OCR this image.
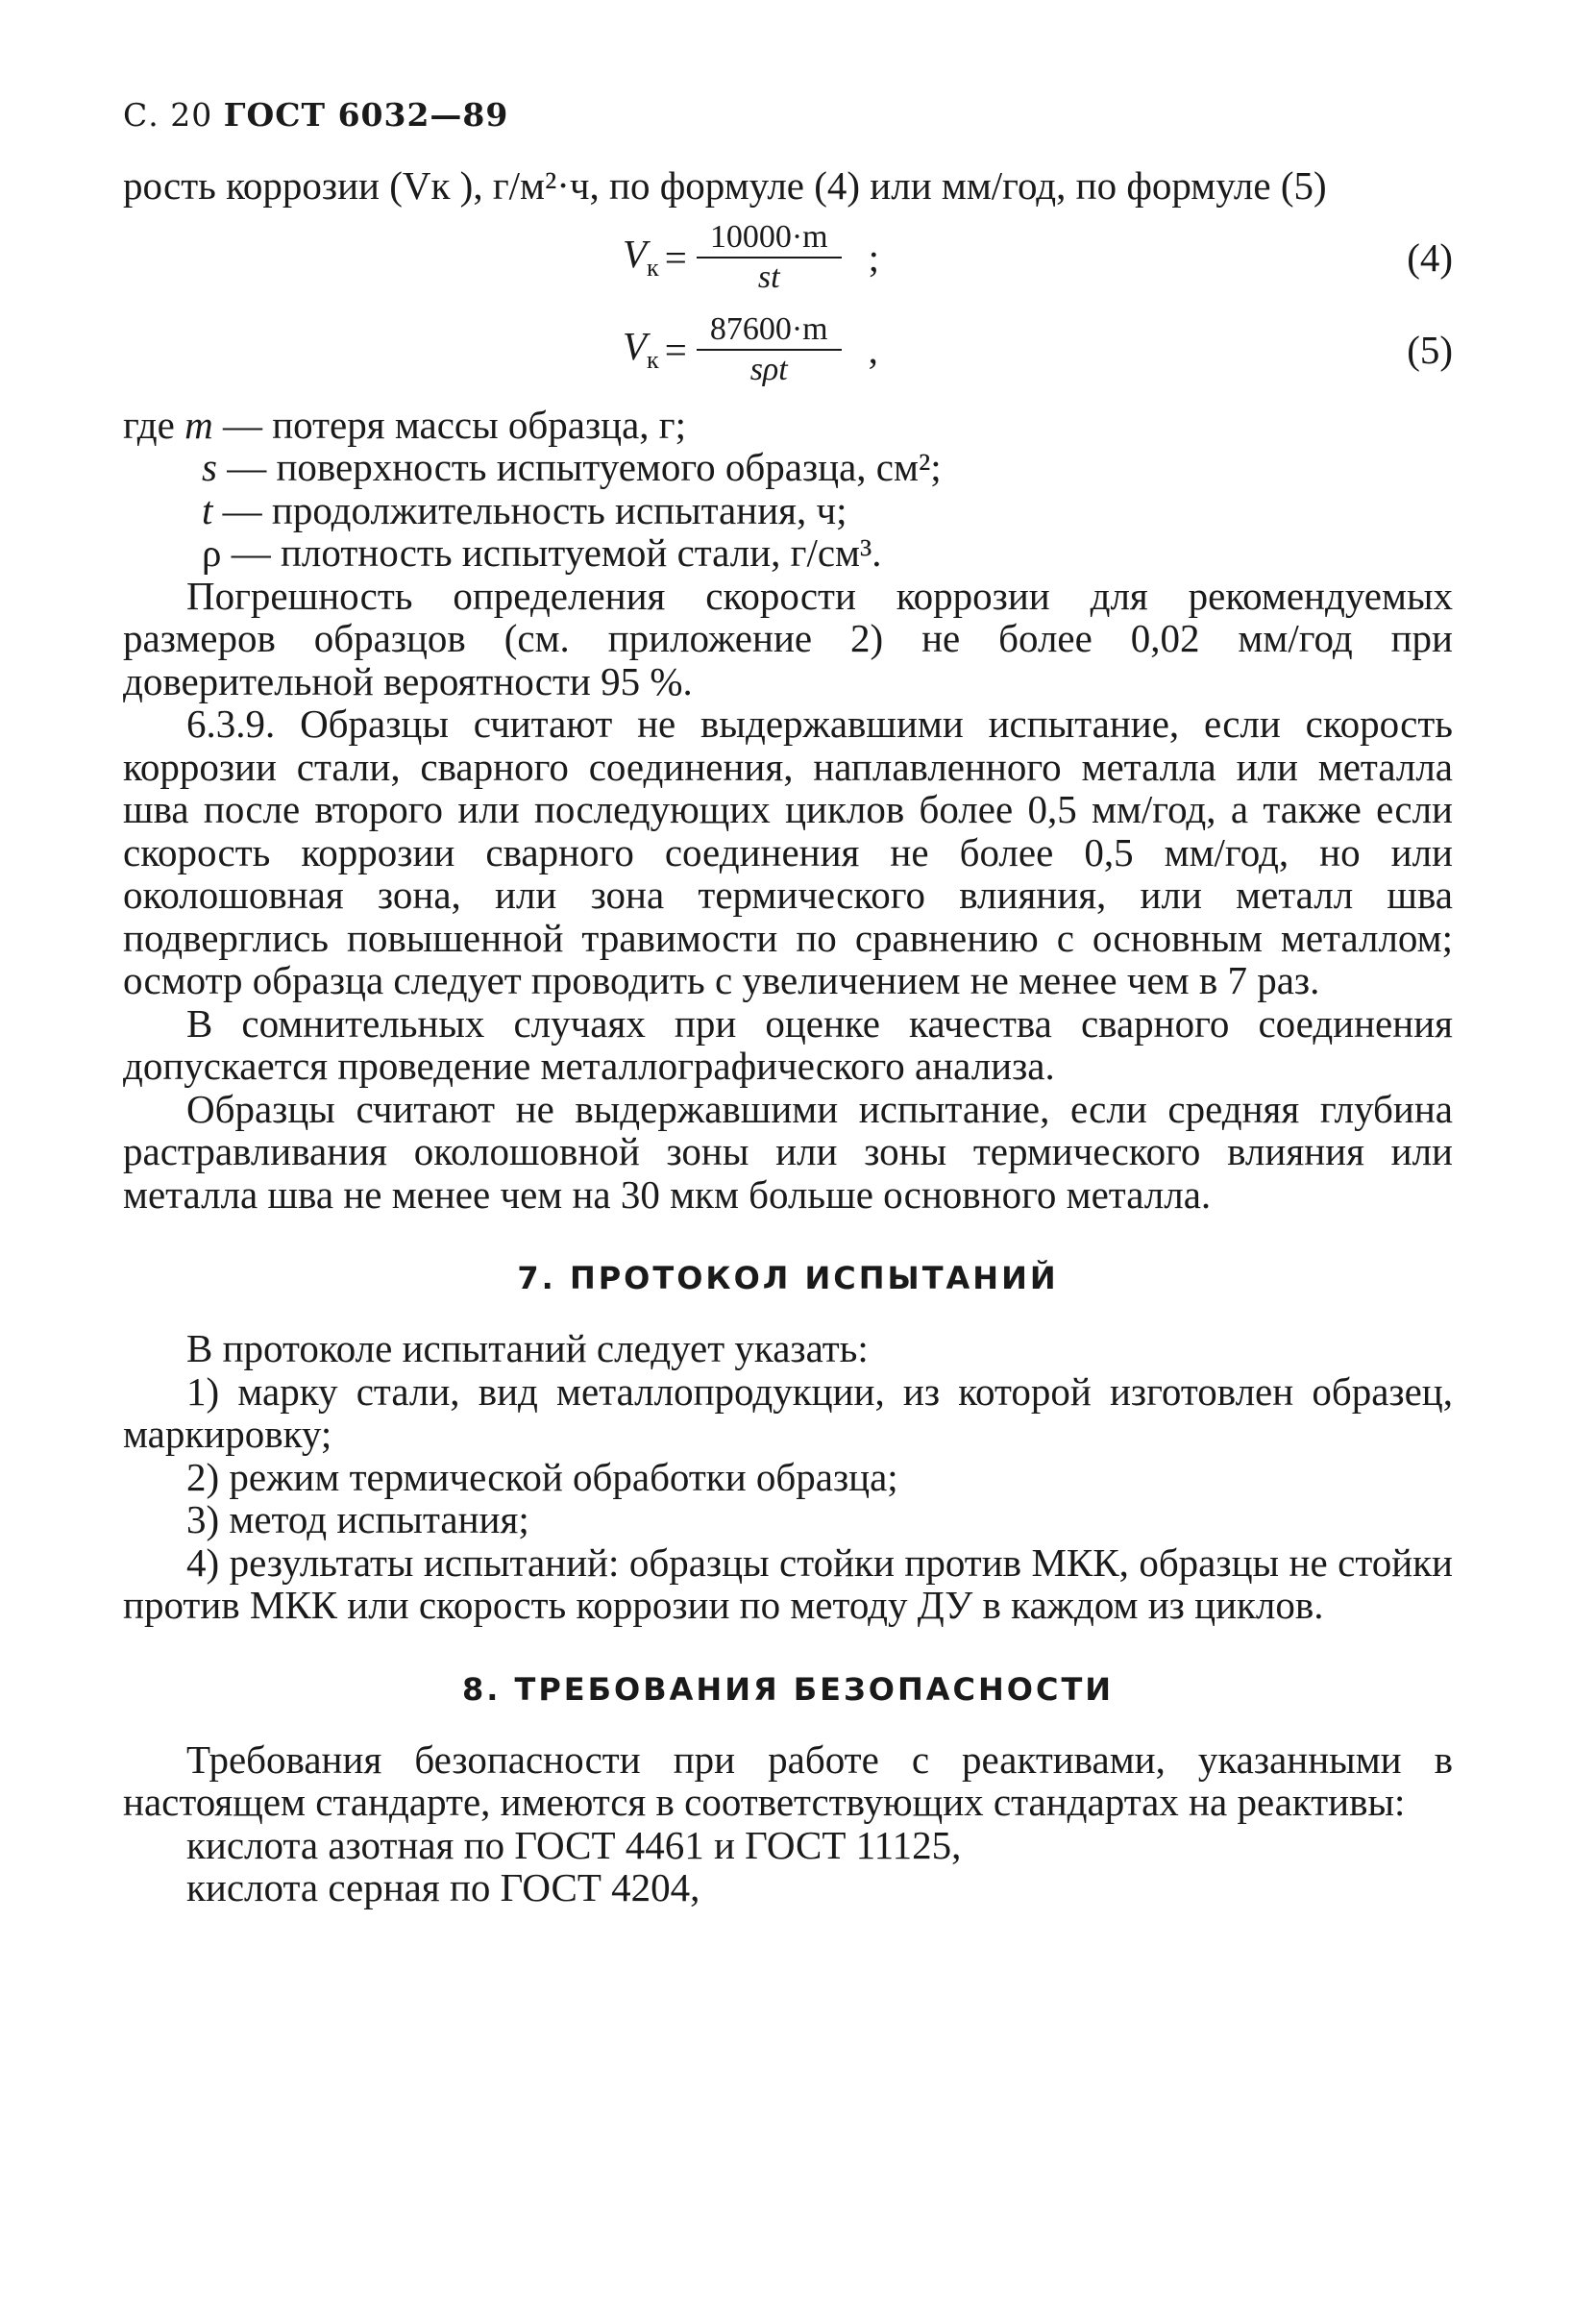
С. 20 ГОСТ 6032—89

рость коррозии (Vк ), г/м²·ч, по формуле (4) или мм/год, по формуле (5)

$V_к = \frac{10000\cdot m}{st}$ ;	(4)
$V_к = \frac{87600\cdot m}{\text{sρt}}$ ,	(5)
где m — потеря массы образца, г;
s — поверхность испытуемого образца, см²;
t — продолжительность испытания, ч;
ρ — плотность испытуемой стали, г/см³.

Погрешность определения скорости коррозии для рекомендуемых размеров образцов (см. приложение 2) не более 0,02 мм/год при доверительной вероятности 95 %.

6.3.9. Образцы считают не выдержавшими испытание, если скорость коррозии стали, сварного соединения, наплавленного металла или металла шва после второго или последующих циклов более 0,5 мм/год, а также если скорость коррозии сварного соединения не более 0,5 мм/год, но или околошовная зона, или зона термического влияния, или металл шва подверглись повышенной травимости по сравнению с основным металлом; осмотр образца следует проводить с увеличением не менее чем в 7 раз.

В сомнительных случаях при оценке качества сварного соединения допускается проведение металлографического анализа.

Образцы считают не выдержавшими испытание, если средняя глубина растравливания околошовной зоны или зоны термического влияния или металла шва не менее чем на 30 мкм больше основного металла.

7. ПРОТОКОЛ ИСПЫТАНИЙ

В протоколе испытаний следует указать:

1) марку стали, вид металлопродукции, из которой изготовлен образец, маркировку;

2) режим термической обработки образца;

3) метод испытания;

4) результаты испытаний: образцы стойки против МКК, образцы не стойки против МКК или скорость коррозии по методу ДУ в каждом из циклов.

8. ТРЕБОВАНИЯ БЕЗОПАСНОСТИ

Требования безопасности при работе с реактивами, указанными в настоящем стандарте, имеются в соответствующих стандартах на реактивы:

кислота азотная по ГОСТ 4461 и ГОСТ 11125,

кислота серная по ГОСТ 4204,
